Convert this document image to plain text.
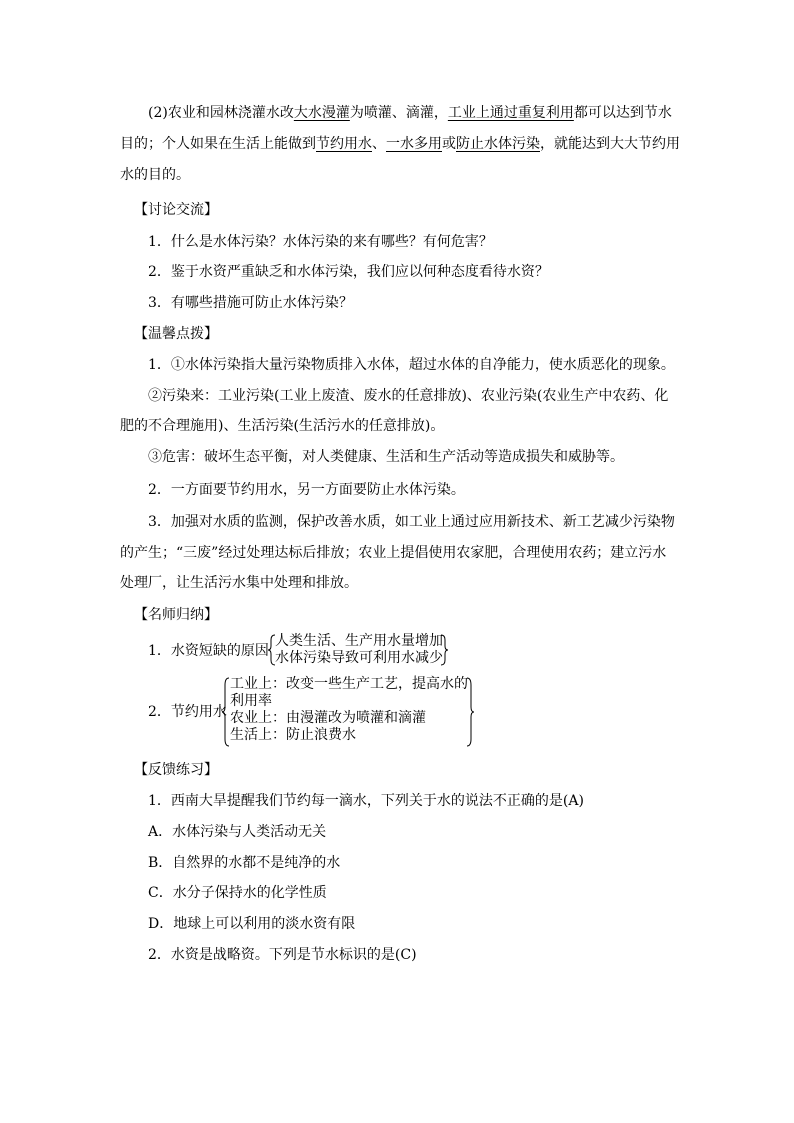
(2)农业和园林浇灌水改大水漫灌为喷灌、滴灌，工业上通过重复利用都可以达到节水
目的；个人如果在生活上能做到节约用水、一水多用或防止水体污染，就能达到大大节约用
水的目的。
【讨论交流】
1．什么是水体污染？水体污染的来有哪些？有何危害？
2．鉴于水资严重缺乏和水体污染，我们应以何种态度看待水资？
3．有哪些措施可防止水体污染？
【温馨点拨】
1．①水体污染指大量污染物质排入水体，超过水体的自净能力，使水质恶化的现象。
②污染来：工业污染(工业上废渣、废水的任意排放)、农业污染(农业生产中农药、化
肥的不合理施用)、生活污染(生活污水的任意排放)。
③危害：破坏生态平衡，对人类健康、生活和生产活动等造成损失和威胁等。
2．一方面要节约用水，另一方面要防止水体污染。
3．加强对水质的监测，保护改善水质，如工业上通过应用新技术、新工艺减少污染物
的产生；“三废”经过处理达标后排放；农业上提倡使用农家肥，合理使用农药；建立污水
处理厂，让生活污水集中处理和排放。
【名师归纳】
1．水资短缺的原因
人类生活、生产用水量增加
水体污染导致可利用水减少
2．节约用水
工业上：改变一些生产工艺，提高水的
利用率
农业上：由漫灌改为喷灌和滴灌
生活上：防止浪费水
【反馈练习】
1．西南大旱提醒我们节约每一滴水，下列关于水的说法不正确的是(A)
A．水体污染与人类活动无关
B．自然界的水都不是纯净的水
C．水分子保持水的化学性质
D．地球上可以利用的淡水资有限
2．水资是战略资。下列是节水标识的是(C)
